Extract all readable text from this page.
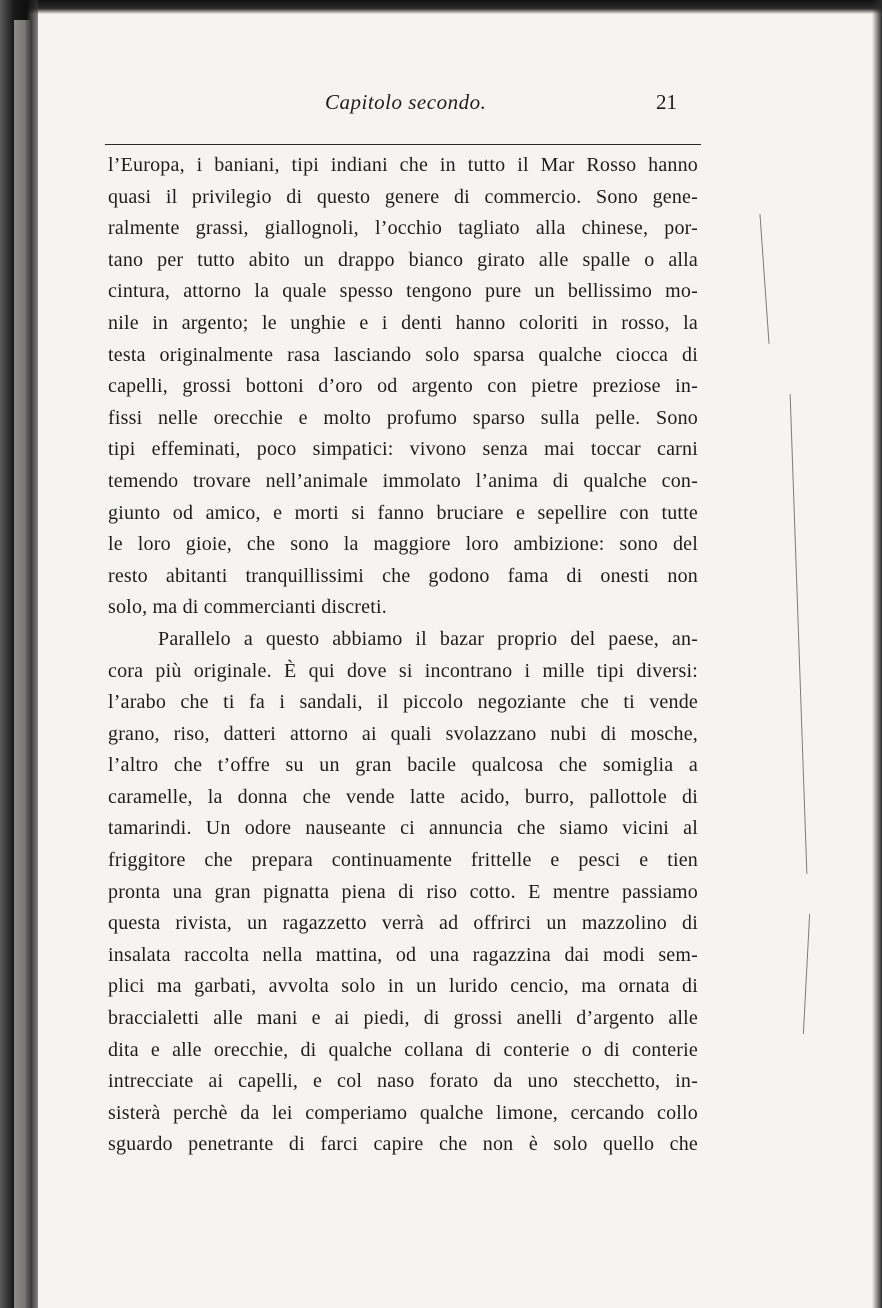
Capitolo secondo.	21
l’Europa, i baniani, tipi indiani che in tutto il Mar Rosso hanno
quasi il privilegio di questo genere di commercio. Sono gene-
ralmente grassi, giallognoli, l’occhio tagliato alla chinese, por-
tano per tutto abito un drappo bianco girato alle spalle o alla
cintura, attorno la quale spesso tengono pure un bellissimo mo-
nile in argento; le unghie e i denti hanno coloriti in rosso, la
testa originalmente rasa lasciando solo sparsa qualche ciocca di
capelli, grossi bottoni d’oro od argento con pietre preziose in-
fissi nelle orecchie e molto profumo sparso sulla pelle. Sono
tipi effeminati, poco simpatici: vivono senza mai toccar carni
temendo trovare nell’animale immolato l’anima di qualche con-
giunto od amico, e morti si fanno bruciare e sepellire con tutte
le loro gioie, che sono la maggiore loro ambizione: sono del
resto abitanti tranquillissimi che godono fama di onesti non
solo, ma di commercianti discreti.
Parallelo a questo abbiamo il bazar proprio del paese, an-
cora più originale. È qui dove si incontrano i mille tipi diversi:
l’arabo che ti fa i sandali, il piccolo negoziante che ti vende
grano, riso, datteri attorno ai quali svolazzano nubi di mosche,
l’altro che t’offre su un gran bacile qualcosa che somiglia a
caramelle, la donna che vende latte acido, burro, pallottole di
tamarindi. Un odore nauseante ci annuncia che siamo vicini al
friggitore che prepara continuamente frittelle e pesci e tien
pronta una gran pignatta piena di riso cotto. E mentre passiamo
questa rivista, un ragazzetto verrà ad offrirci un mazzolino di
insalata raccolta nella mattina, od una ragazzina dai modi sem-
plici ma garbati, avvolta solo in un lurido cencio, ma ornata di
braccialetti alle mani e ai piedi, di grossi anelli d’argento alle
dita e alle orecchie, di qualche collana di conterie o di conterie
intrecciate ai capelli, e col naso forato da uno stecchetto, in-
sisterà perchè da lei comperiamo qualche limone, cercando collo
sguardo penetrante di farci capire che non è solo quello che
